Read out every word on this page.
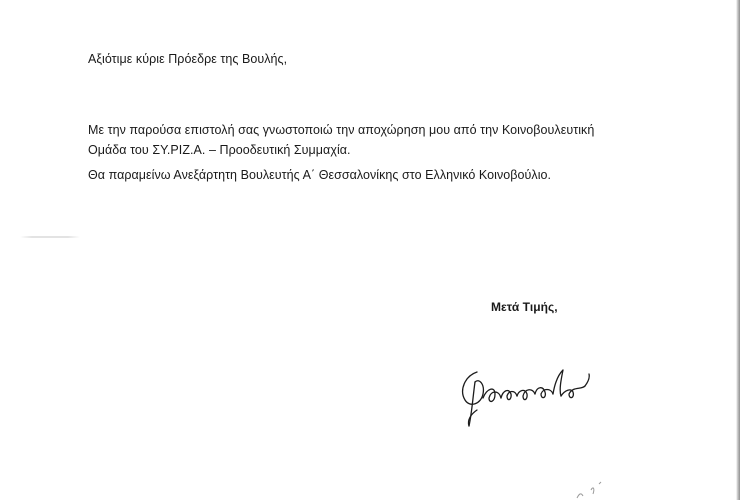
Αξιότιμε κύριε Πρόεδρε της Βουλής,
Με την παρούσα επιστολή σας γνωστοποιώ την αποχώρηση μου από την Κοινοβουλευτική
Ομάδα του ΣΥ.ΡΙΖ.Α. – Προοδευτική Συμμαχία.
Θα παραμείνω Ανεξάρτητη Βουλευτής Α΄ Θεσσαλονίκης στο Ελληνικό Κοινοβούλιο.
Μετά Τιμής,
